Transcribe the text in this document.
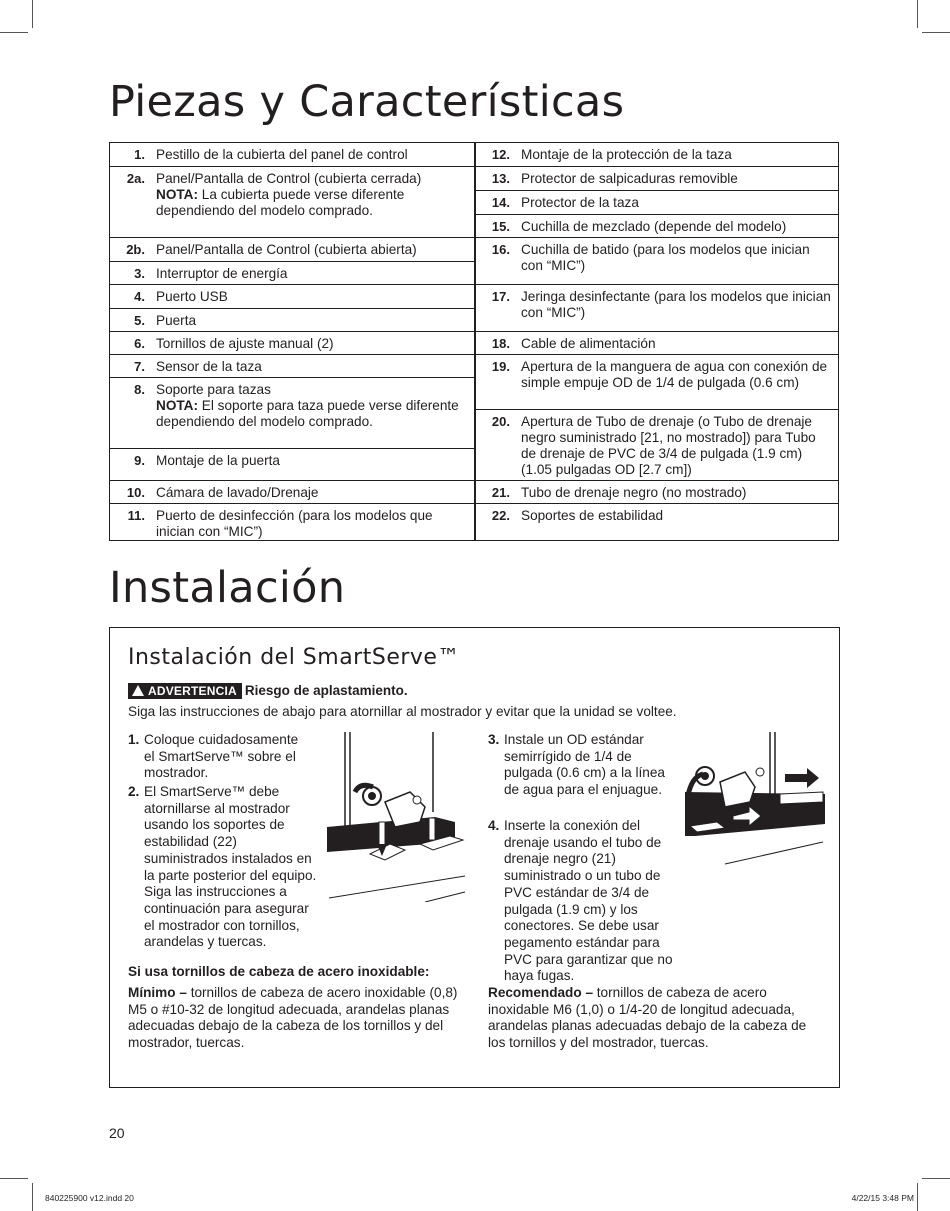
Piezas y Características
1. Pestillo de la cubierta del panel de control
2a. Panel/Pantalla de Control (cubierta cerrada)
NOTA: La cubierta puede verse diferente dependiendo del modelo comprado.
2b. Panel/Pantalla de Control (cubierta abierta)
3. Interruptor de energía
4. Puerto USB
5. Puerta
6. Tornillos de ajuste manual (2)
7. Sensor de la taza
8. Soporte para tazas
NOTA: El soporte para taza puede verse diferente dependiendo del modelo comprado.
9. Montaje de la puerta
10. Cámara de lavado/Drenaje
11. Puerto de desinfección (para los modelos que inician con “MIC”)
12. Montaje de la protección de la taza
13. Protector de salpicaduras removible
14. Protector de la taza
15. Cuchilla de mezclado (depende del modelo)
16. Cuchilla de batido (para los modelos que inician con “MIC”)
17. Jeringa desinfectante (para los modelos que inician con “MIC”)
18. Cable de alimentación
19. Apertura de la manguera de agua con conexión de simple empuje OD de 1/4 de pulgada (0.6 cm)
20. Apertura de Tubo de drenaje (o Tubo de drenaje negro suministrado [21, no mostrado]) para Tubo de drenaje de PVC de 3/4 de pulgada (1.9 cm) (1.05 pulgadas OD [2.7 cm])
21. Tubo de drenaje negro (no mostrado)
22. Soportes de estabilidad
Instalación
Instalación del SmartServe™
ADVERTENCIA Riesgo de aplastamiento.
Siga las instrucciones de abajo para atornillar al mostrador y evitar que la unidad se voltee.
1. Coloque cuidadosamente el SmartServe™ sobre el mostrador.
2. El SmartServe™ debe atornillarse al mostrador usando los soportes de estabilidad (22) suministrados instalados en la parte posterior del equipo. Siga las instrucciones a continuación para asegurar el mostrador con tornillos, arandelas y tuercas.
3. Instale un OD estándar semirrígido de 1/4 de pulgada (0.6 cm) a la línea de agua para el enjuague.
4. Inserte la conexión del drenaje usando el tubo de drenaje negro (21) suministrado o un tubo de PVC estándar de 3/4 de pulgada (1.9 cm) y los conectores. Se debe usar pegamento estándar para PVC para garantizar que no haya fugas.
Si usa tornillos de cabeza de acero inoxidable:
Mínimo – tornillos de cabeza de acero inoxidable (0,8) M5 o #10-32 de longitud adecuada, arandelas planas adecuadas debajo de la cabeza de los tornillos y del mostrador, tuercas.
Recomendado – tornillos de cabeza de acero inoxidable M6 (1,0) o 1/4-20 de longitud adecuada, arandelas planas adecuadas debajo de la cabeza de los tornillos y del mostrador, tuercas.
20
840225900 v12.indd 20	4/22/15 3:48 PM
